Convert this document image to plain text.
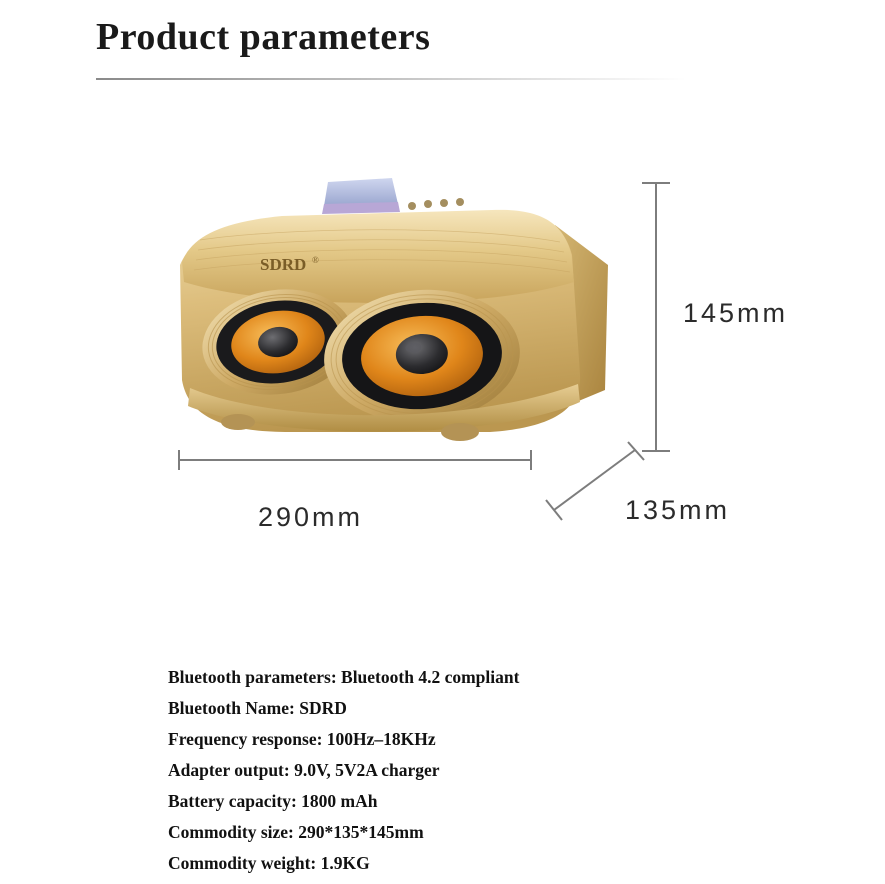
Product parameters
SDRD ®
145mm
290mm	135mm
Bluetooth parameters: Bluetooth 4.2 compliant
Bluetooth Name: SDRD
Frequency response: 100Hz–18KHz
Adapter output: 9.0V, 5V2A charger
Battery capacity: 1800 mAh
Commodity size: 290*135*145mm
Commodity weight: 1.9KG
